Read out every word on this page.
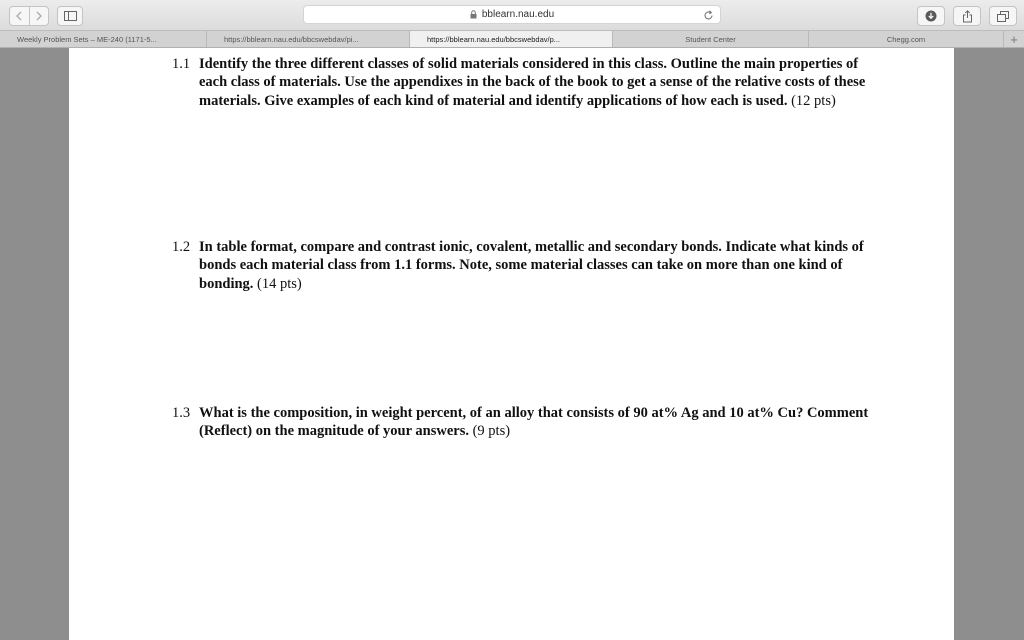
bblearn.nau.edu
Weekly Problem Sets – ME-240 (1171-5...	https://bblearn.nau.edu/bbcswebdav/pi...	https://bblearn.nau.edu/bbcswebdav/p...	Student Center	Chegg.com	+
1.1 Identify the three different classes of solid materials considered in this class. Outline the main properties of each class of materials. Use the appendixes in the back of the book to get a sense of the relative costs of these materials. Give examples of each kind of material and identify applications of how each is used. (12 pts)
1.2 In table format, compare and contrast ionic, covalent, metallic and secondary bonds. Indicate what kinds of bonds each material class from 1.1 forms. Note, some material classes can take on more than one kind of bonding. (14 pts)
1.3 What is the composition, in weight percent, of an alloy that consists of 90 at% Ag and 10 at% Cu? Comment (Reflect) on the magnitude of your answers. (9 pts)
